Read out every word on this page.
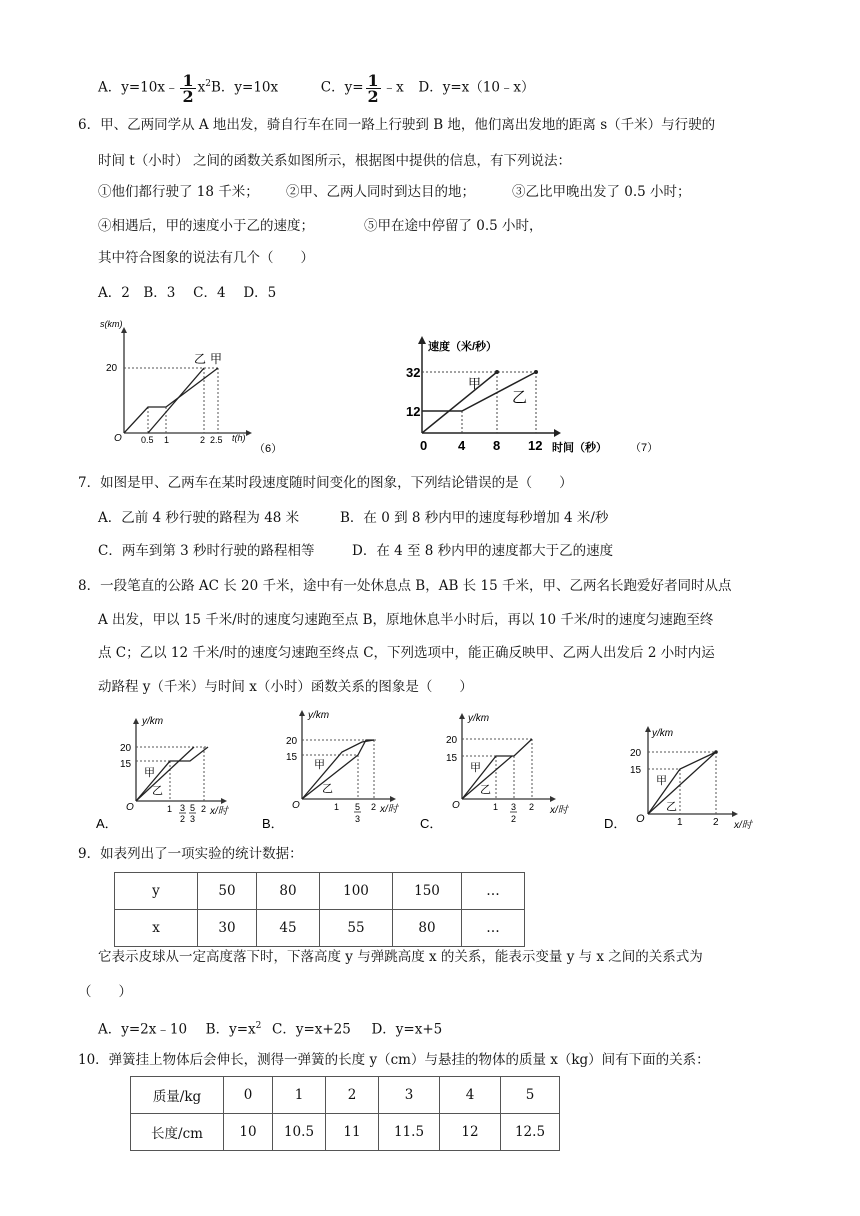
A．y=10x﹣ $\frac{1}{2} x^2B$．y=10x	C．$y= \frac{1}{2}$ ﹣x D．y=x（10﹣x）
6．甲、乙两同学从 A 地出发，骑自行车在同一路上行驶到 B 地，他们离出发地的距离 s（千米）与行驶的
时间 t（小时） 之间的函数关系如图所示，根据图中提供的信息，有下列说法：
①他们都行驶了 18 千米； ②甲、乙两人同时到达目的地；	③乙比甲晚出发了 0.5 小时；
④相遇后，甲的速度小于乙的速度；	⑤甲在途中停留了 0.5 小时，
其中符合图象的说法有几个（　　）
A．2　B．3　 C．4　 D．5
s(km)
t(h)
O
20
乙 甲
0.5 1	2 2.5
（6）
速度（米/秒）
时间（秒）
0
32
12
甲
乙
4 8 12	（7）
7．如图是甲、乙两车在某时段速度随时间变化的图象，下列结论错误的是（　　）
A．乙前 4 秒行驶的路程为 48 米	B．在 0 到 8 秒内甲的速度每秒增加 4 米/秒
C．两车到第 3 秒时行驶的路程相等	D．在 4 至 8 秒内甲的速度都大于乙的速度
8．一段笔直的公路 AC 长 20 千米，途中有一处休息点 B，AB 长 15 千米，甲、乙两名长跑爱好者同时从点
A 出发，甲以 15 千米/时的速度匀速跑至点 B，原地休息半小时后，再以 10 千米/时的速度匀速跑至终
点 C；乙以 12 千米/时的速度匀速跑至终点 C，下列选项中，能正确反映甲、乙两人出发后 2 小时内运
动路程 y（千米）与时间 x（小时）函数关系的图象是（　　）
A．
y/km
x/时
O
20
15
甲
乙
1 3
2
5
3
2
B．
y/km
x/时
O
20
15
甲
乙
1 5
3
2
C．
y/km
x/时
O
20
15
甲
乙
1 3
2
2
D．
y/km
x/时
O
20
15
甲
乙
1	2
9．如表列出了一项实验的统计数据：
y	50	80	100	150	…
x	30	45	55	80	…
它表示皮球从一定高度落下时，下落高度 y 与弹跳高度 x 的关系，能表示变量 y 与 x 之间的关系式为
（　　）
A．y=2x﹣10 B．$y=x^2$ C．y=x+25 D．y=x+5
10．弹簧挂上物体后会伸长，测得一弹簧的长度 y（cm）与悬挂的物体的质量 x（kg）间有下面的关系：
质量/kg	0	1	2	3	4	5
长度/cm	10	10.5	11	11.5	12	12.5
